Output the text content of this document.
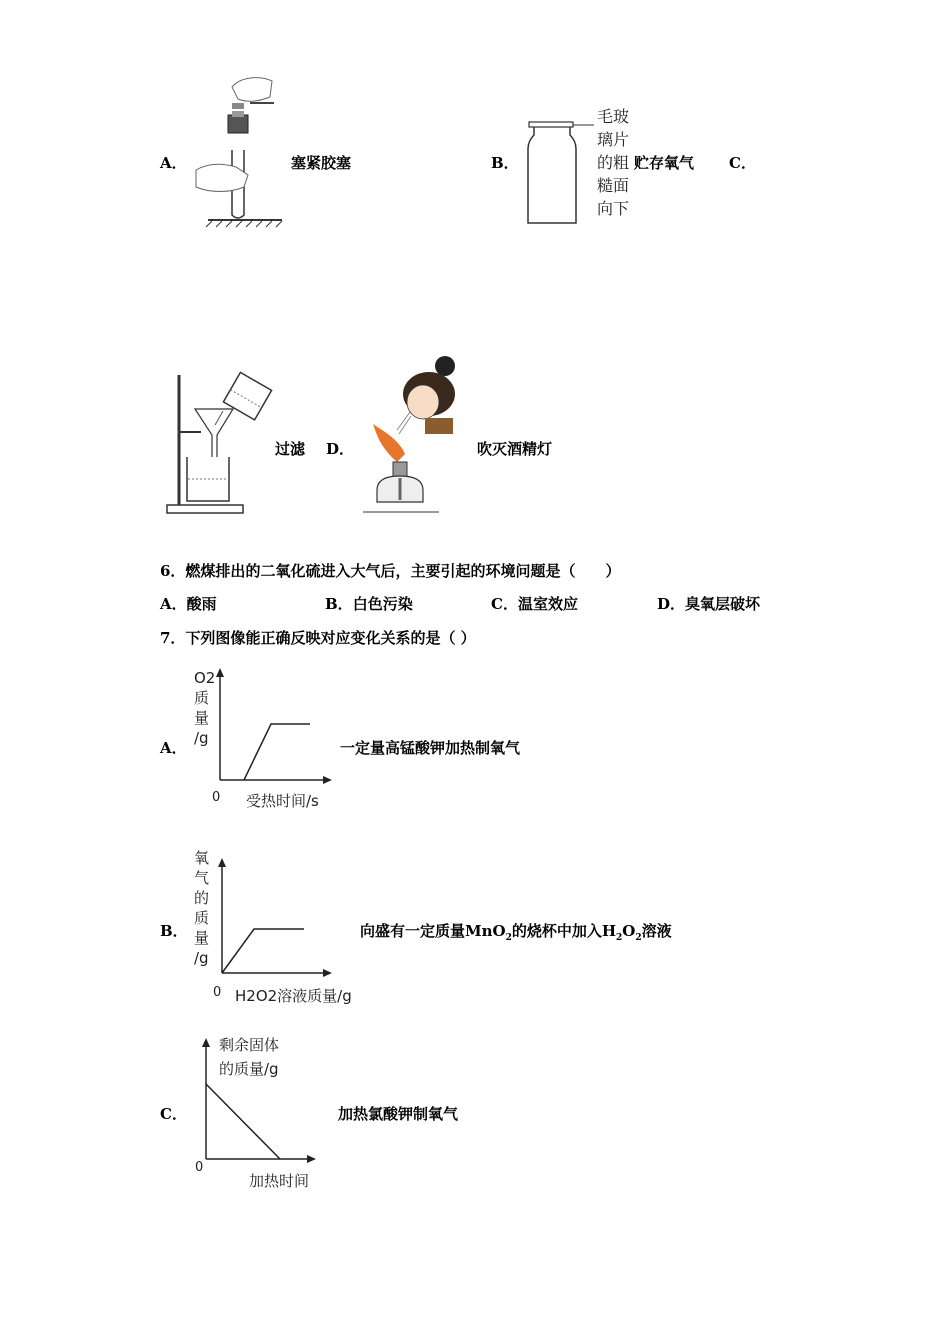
A．	塞紧胶塞	B．
毛玻
璃片
的粗
糙面
向下
贮存氧气 C．
过滤 D．	吹灭酒精灯
6．燃煤排出的二氧化硫进入大气后，主要引起的环境问题是（　　）
A．酸雨	B．白色污染	C．温室效应	D．臭氧层破坏
7．下列图像能正确反映对应变化关系的是（ ）
A．
O2
质
量
/g
0 受热时间/s
一定量高锰酸钾加热制氧气
B．
氧
气
的
质
量
/g
0 H2O2溶液质量/g
向盛有一定质量MnO$_2$的烧杯中加入$H_2O_2$溶液
C．
剩余固体
的质量/g
0
加热时间
加热氯酸钾制氧气
